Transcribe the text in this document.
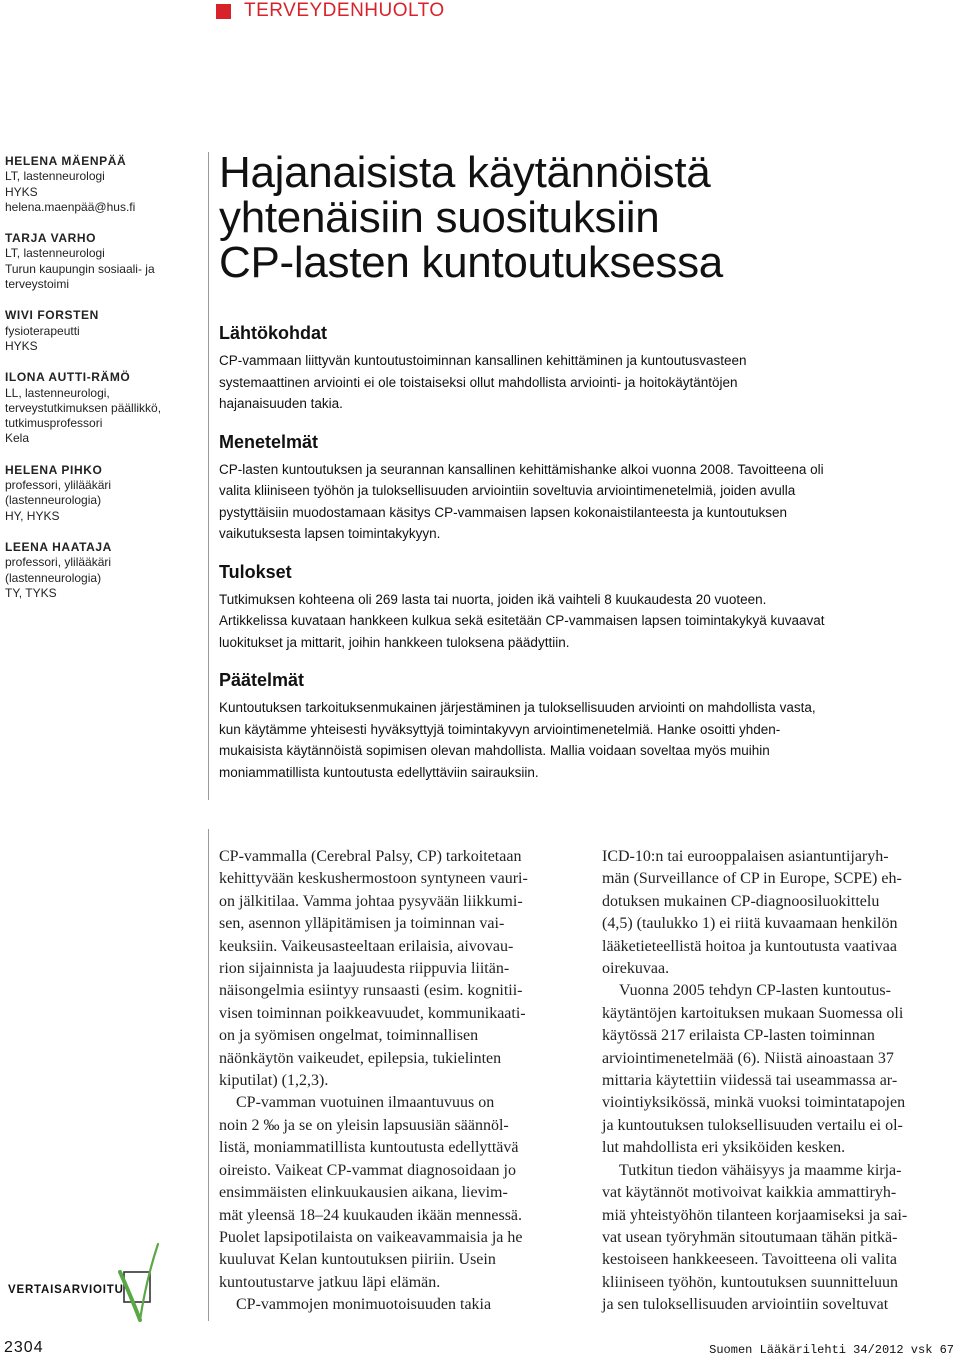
TERVEYDENHUOLTO
HELENA MÄENPÄÄ
LT, lastenneurologi
HYKS
helena.maenpää@hus.fi
TARJA VARHO
LT, lastenneurologi
Turun kaupungin sosiaali- ja
terveystoimi
WIVI FORSTEN
fysioterapeutti
HYKS
ILONA AUTTI-RÄMÖ
LL, lastenneurologi,
terveystutkimuksen päällikkö,
tutkimusprofessori
Kela
HELENA PIHKO
professori, ylilääkäri
(lastenneurologia)
HY, HYKS
LEENA HAATAJA
professori, ylilääkäri
(lastenneurologia)
TY, TYKS
Hajanaisista käytännöistä
yhtenäisiin suosituksiin
CP-lasten kuntoutuksessa
Lähtökohdat
CP-vammaan liittyvän kuntoutustoiminnan kansallinen kehittäminen ja kuntoutusvasteen
systemaattinen arviointi ei ole toistaiseksi ollut mahdollista arviointi- ja hoitokäytäntöjen
hajanaisuuden takia.
Menetelmät
CP-lasten kuntoutuksen ja seurannan kansallinen kehittämishanke alkoi vuonna 2008. Tavoitteena oli
valita kliiniseen työhön ja tuloksellisuuden arviointiin soveltuvia arviointimenetelmiä, joiden avulla
pystyttäisiin muodostamaan käsitys CP-vammaisen lapsen kokonaistilanteesta ja kuntoutuksen
vaikutuksesta lapsen toimintakykyyn.
Tulokset
Tutkimuksen kohteena oli 269 lasta tai nuorta, joiden ikä vaihteli 8 kuukaudesta 20 vuoteen.
Artikkelissa kuvataan hankkeen kulkua sekä esitetään CP-vammaisen lapsen toimintakykyä kuvaavat
luokitukset ja mittarit, joihin hankkeen tuloksena päädyttiin.
Päätelmät
Kuntoutuksen tarkoituksenmukainen järjestäminen ja tuloksellisuuden arviointi on mahdollista vasta,
kun käytämme yhteisesti hyväksyttyjä toimintakyvyn arviointimenetelmiä. Hanke osoitti yhden-
mukaisista käytännöistä sopimisen olevan mahdollista. Mallia voidaan soveltaa myös muihin
moniammatillista kuntoutusta edellyttäviin sairauksiin.
CP-vammalla (Cerebral Palsy, CP) tarkoitetaan
kehittyvään keskushermostoon syntyneen vauri-
on jälkitilaa. Vamma johtaa pysyvään liikkumi-
sen, asennon ylläpitämisen ja toiminnan vai-
keuksiin. Vaikeusasteeltaan erilaisia, aivovau-
rion sijainnista ja laajuudesta riippuvia liitän-
näisongelmia esiintyy runsaasti (esim. kognitii-
visen toiminnan poikkeavuudet, kommunikaati-
on ja syömisen ongelmat, toiminnallisen
näönkäytön vaikeudet, epilepsia, tukielinten
kiputilat) (1,2,3).
CP-vamman vuotuinen ilmaantuvuus on
noin 2 ‰ ja se on yleisin lapsuusiän säännöl-
listä, moniammatillista kuntoutusta edellyttävä
oireisto. Vaikeat CP-vammat diagnosoidaan jo
ensimmäisten elinkuukausien aikana, lievim-
mät yleensä 18–24 kuukauden ikään mennessä.
Puolet lapsipotilaista on vaikeavammaisia ja he
kuuluvat Kelan kuntoutuksen piiriin. Usein
kuntoutustarve jatkuu läpi elämän.
CP-vammojen monimuotoisuuden takia
ICD-10:n tai eurooppalaisen asiantuntijaryh-
män (Surveillance of CP in Europe, SCPE) eh-
dotuksen mukainen CP-diagnoosiluokittelu
(4,5) (taulukko 1) ei riitä kuvaamaan henkilön
lääketieteellistä hoitoa ja kuntoutusta vaativaa
oirekuvaa.
Vuonna 2005 tehdyn CP-lasten kuntoutus-
käytäntöjen kartoituksen mukaan Suomessa oli
käytössä 217 erilaista CP-lasten toiminnan
arviointimenetelmää (6). Niistä ainoastaan 37
mittaria käytettiin viidessä tai useammassa ar-
viointiyksikössä, minkä vuoksi toimintatapojen
ja kuntoutuksen tuloksellisuuden vertailu ei ol-
lut mahdollista eri yksiköiden kesken.
Tutkitun tiedon vähäisyys ja maamme kirja-
vat käytännöt motivoivat kaikkia ammattiryh-
miä yhteistyöhön tilanteen korjaamiseksi ja sai-
vat usean työryhmän sitoutumaan tähän pitkä-
kestoiseen hankkeeseen. Tavoitteena oli valita
kliiniseen työhön, kuntoutuksen suunnitteluun
ja sen tuloksellisuuden arviointiin soveltuvat
VERTAISARVIOITU
2304	Suomen Lääkärilehti 34/2012 vsk 67
